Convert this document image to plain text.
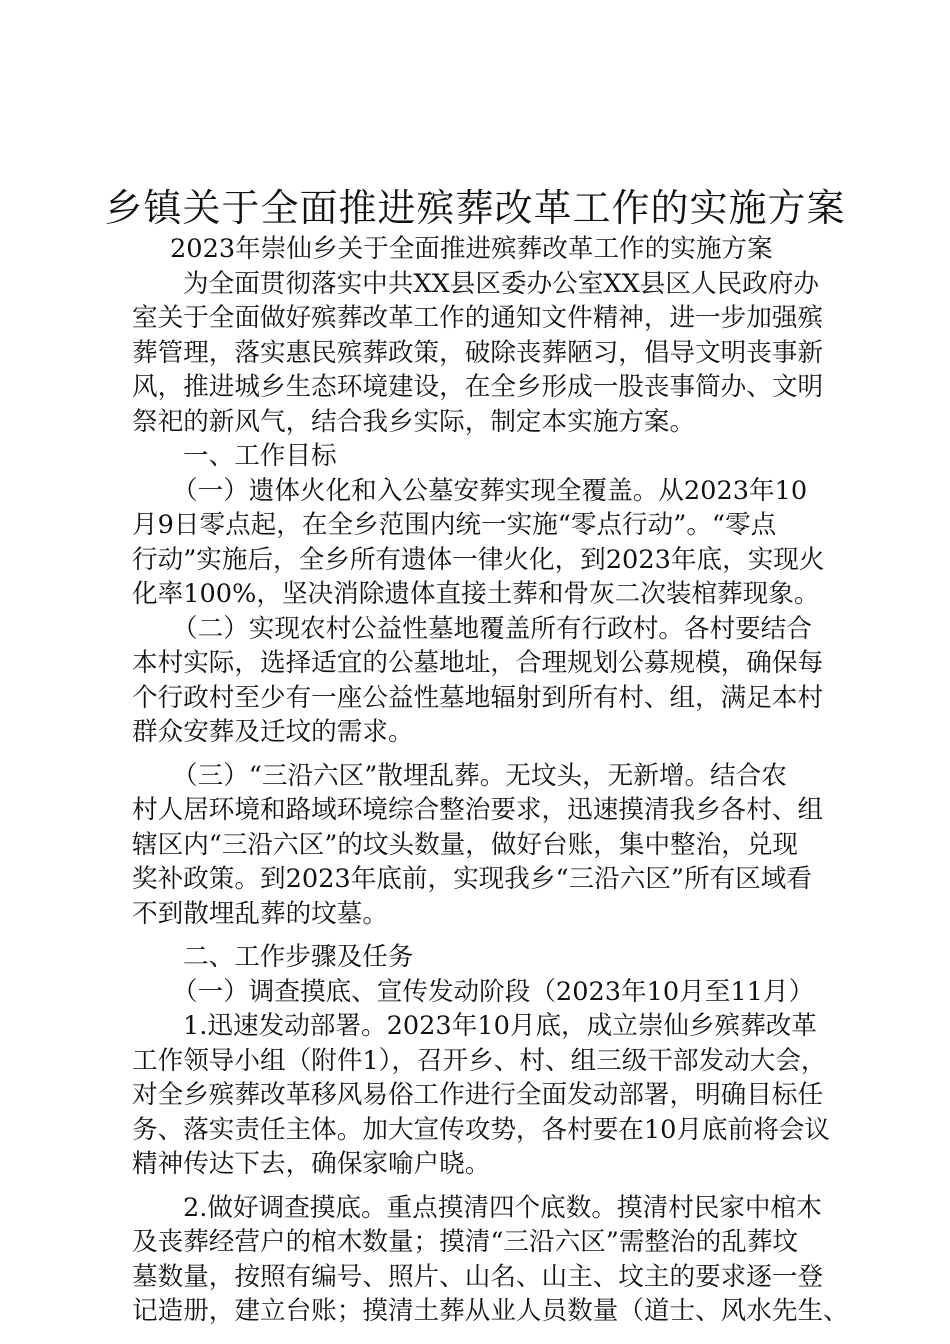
乡镇关于全面推进殡葬改革工作的实施方案

2023年崇仙乡关于全面推进殡葬改革工作的实施方案

为全面贯彻落实中共XX县区委办公室XX县区人民政府办

室关于全面做好殡葬改革工作的通知文件精神，进一步加强殡

葬管理，落实惠民殡葬政策，破除丧葬陋习，倡导文明丧事新

风，推进城乡生态环境建设，在全乡形成一股丧事简办、文明

祭祀的新风气，结合我乡实际，制定本实施方案。

一、工作目标

（一）遗体火化和入公墓安葬实现全覆盖。从2023年10

月9日零点起，在全乡范围内统一实施“零点行动”。“零点

行动”实施后，全乡所有遗体一律火化，到2023年底，实现火

化率100%，坚决消除遗体直接土葬和骨灰二次装棺葬现象。

（二）实现农村公益性墓地覆盖所有行政村。各村要结合

本村实际，选择适宜的公墓地址，合理规划公募规模，确保每

个行政村至少有一座公益性墓地辐射到所有村、组，满足本村

群众安葬及迁坟的需求。

（三）“三沿六区”散埋乱葬。无坟头，无新增。结合农

村人居环境和路域环境综合整治要求，迅速摸清我乡各村、组

辖区内“三沿六区”的坟头数量，做好台账，集中整治，兑现

奖补政策。到2023年底前，实现我乡“三沿六区”所有区域看

不到散埋乱葬的坟墓。

二、工作步骤及任务

（一）调查摸底、宣传发动阶段（2023年10月至11月）

1.迅速发动部署。2023年10月底，成立崇仙乡殡葬改革

工作领导小组（附件1），召开乡、村、组三级干部发动大会，

对全乡殡葬改革移风易俗工作进行全面发动部署，明确目标任

务、落实责任主体。加大宣传攻势，各村要在10月底前将会议

精神传达下去，确保家喻户晓。

2.做好调查摸底。重点摸清四个底数。摸清村民家中棺木

及丧葬经营户的棺木数量；摸清“三沿六区”需整治的乱葬坟

墓数量，按照有编号、照片、山名、山主、坟主的要求逐一登

记造册，建立台账；摸清土葬从业人员数量（道士、风水先生、
